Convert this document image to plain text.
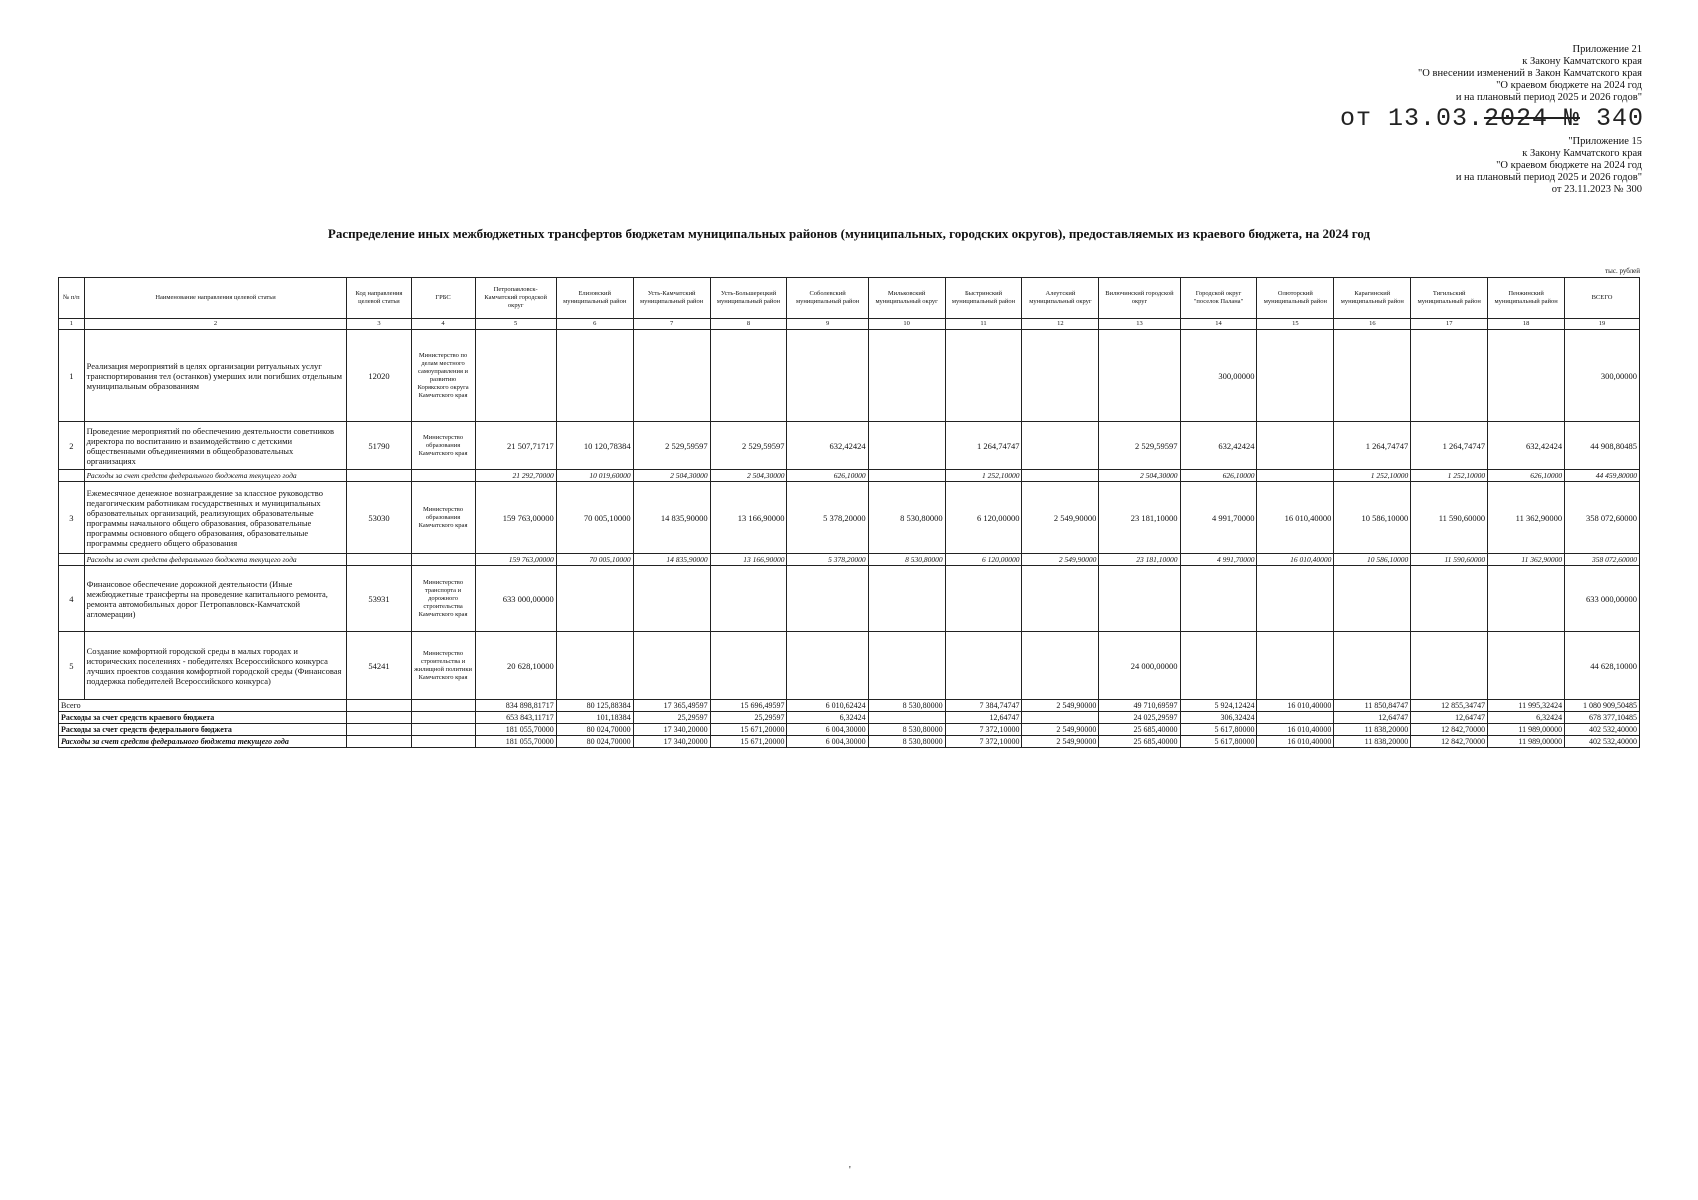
Приложение 21
к Закону Камчатского края
"О внесении изменений в Закон Камчатского края
"О краевом бюджете на 2024 год
и на плановый период 2025 и 2026 годов"
от 13.03.2024 № 340
"Приложение 15
к Закону Камчатского края
"О краевом бюджете на 2024 год
и на плановый период 2025 и 2026 годов"
от 23.11.2023 № 300
Распределение иных межбюджетных трансфертов бюджетам муниципальных районов (муниципальных, городских округов), предоставляемых из краевого бюджета, на 2024 год
тыс. рублей
№ п/п	Наименование направления целевой статьи	Код направления целевой статьи	ГРБС	Петропавловск-Камчатский городской округ	Елизовский муниципальный район	Усть-Камчатский муниципальный район	Усть-Большерецкий муниципальный район	Соболевский муниципальный район	Мильковский муниципальный округ	Быстринский муниципальный район	Алеутский муниципальный округ	Вилючинский городской округ	Городской округ "поселок Палана"	Олюторский муниципальный район	Карагинский муниципальный район	Тигильский муниципальный район	Пенжинский муниципальный район	ВСЕГО
1	2	3	4	5	6	7	8	9	10	11	12	13	14	15	16	17	18	19
1	Реализация мероприятий в целях организации ритуальных услуг транспортирования тел (останков) умерших или погибших отдельным муниципальным образованиям	12020	Министерство по делам местного самоуправления и развитию Корякского округа Камчатского края										300,00000					300,00000
2	Проведение мероприятий по обеспечению деятельности советников директора по воспитанию и взаимодействию с детскими общественными объединениями в общеобразовательных организациях	51790	Министерство образования Камчатского края	21 507,71717	10 120,78384	2 529,59597	2 529,59597	632,42424		1 264,74747		2 529,59597	632,42424		1 264,74747	1 264,74747	632,42424	44 908,80485
	Расходы за счет средств федерального бюджета текущего года			21 292,70000	10 019,60000	2 504,30000	2 504,30000	626,10000		1 252,10000		2 504,30000	626,10000		1 252,10000	1 252,10000	626,10000	44 459,80000
3	Ежемесячное денежное вознаграждение за классное руководство педагогическим работникам государственных и муниципальных образовательных организаций, реализующих образовательные программы начального общего образования, образовательные программы основного общего образования, образовательные программы среднего общего образования	53030	Министерство образования Камчатского края	159 763,00000	70 005,10000	14 835,90000	13 166,90000	5 378,20000	8 530,80000	6 120,00000	2 549,90000	23 181,10000	4 991,70000	16 010,40000	10 586,10000	11 590,60000	11 362,90000	358 072,60000
	Расходы за счет средств федерального бюджета текущего года			159 763,00000	70 005,10000	14 835,90000	13 166,90000	5 378,20000	8 530,80000	6 120,00000	2 549,90000	23 181,10000	4 991,70000	16 010,40000	10 586,10000	11 590,60000	11 362,90000	358 072,60000
4	Финансовое обеспечение дорожной деятельности (Иные межбюджетные трансферты на проведение капитального ремонта, ремонта автомобильных дорог Петропавловск-Камчатской агломерации)	53931	Министерство транспорта и дорожного строительства Камчатского края	633 000,00000														633 000,00000
5	Создание комфортной городской среды в малых городах и исторических поселениях - победителях Всероссийского конкурса лучших проектов создания комфортной городской среды (Финансовая поддержка победителей Всероссийского конкурса)	54241	Министерство строительства и жилищной политики Камчатского края	20 628,10000								24 000,00000						44 628,10000
Всего				834 898,81717	80 125,88384	17 365,49597	15 696,49597	6 010,62424	8 530,80000	7 384,74747	2 549,90000	49 710,69597	5 924,12424	16 010,40000	11 850,84747	12 855,34747	11 995,32424	1 080 909,50485
Расходы за счет средств краевого бюджета				653 843,11717	101,18384	25,29597	25,29597	6,32424		12,64747		24 025,29597	306,32424		12,64747	12,64747	6,32424	678 377,10485
Расходы за счет средств федерального бюджета				181 055,70000	80 024,70000	17 340,20000	15 671,20000	6 004,30000	8 530,80000	7 372,10000	2 549,90000	25 685,40000	5 617,80000	16 010,40000	11 838,20000	12 842,70000	11 989,00000	402 532,40000
Расходы за счет средств федерального бюджета текущего года				181 055,70000	80 024,70000	17 340,20000	15 671,20000	6 004,30000	8 530,80000	7 372,10000	2 549,90000	25 685,40000	5 617,80000	16 010,40000	11 838,20000	12 842,70000	11 989,00000	402 532,40000
'
